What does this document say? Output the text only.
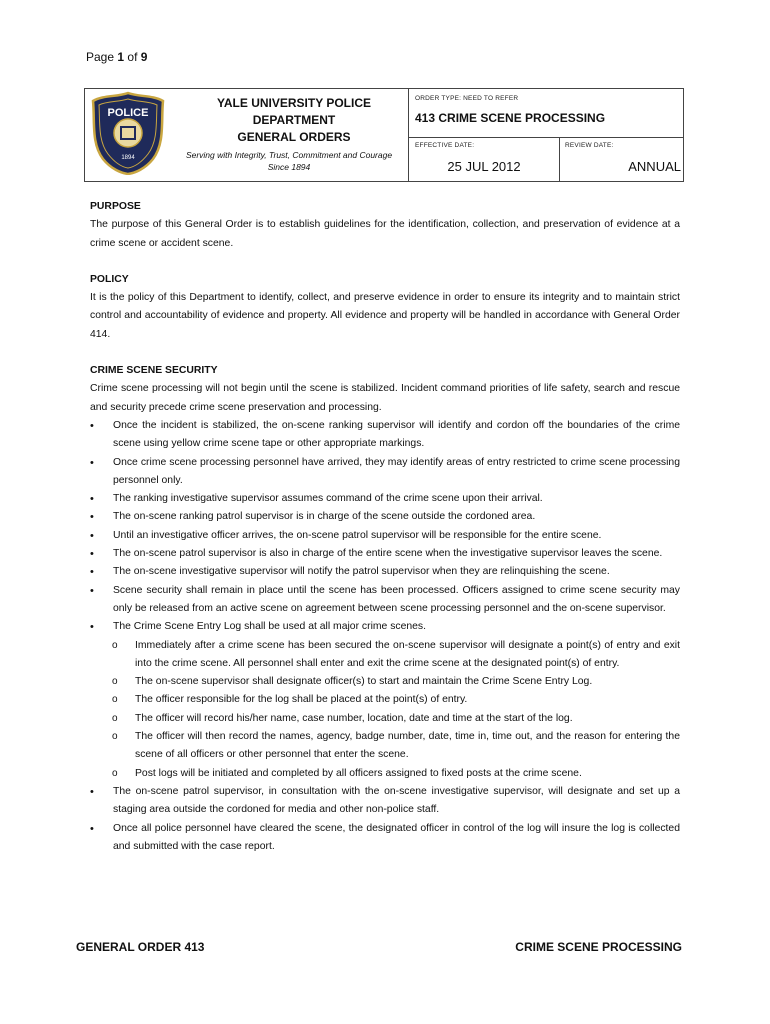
Page 1 of 9
POLICE
1894
YALE UNIVERSITY POLICE
DEPARTMENT
GENERAL ORDERS
Serving with Integrity, Trust, Commitment and Courage
Since 1894
ORDER TYPE: NEED TO REFER
413 CRIME SCENE PROCESSING
EFFECTIVE DATE:	REVIEW DATE:
25 JUL 2012	ANNUAL
PURPOSE
The purpose of this General Order is to establish guidelines for the identification, collection, and preservation of evidence at a crime scene or accident scene.
POLICY
It is the policy of this Department to identify, collect, and preserve evidence in order to ensure its integrity and to maintain strict control and accountability of evidence and property. All evidence and property will be handled in accordance with General Order 414.
CRIME SCENE SECURITY
Crime scene processing will not begin until the scene is stabilized. Incident command priorities of life safety, search and rescue and security precede crime scene preservation and processing.
• Once the incident is stabilized, the on-scene ranking supervisor will identify and cordon off the boundaries of the crime scene using yellow crime scene tape or other appropriate markings.
• Once crime scene processing personnel have arrived, they may identify areas of entry restricted to crime scene processing personnel only.
• The ranking investigative supervisor assumes command of the crime scene upon their arrival.
• The on-scene ranking patrol supervisor is in charge of the scene outside the cordoned area.
• Until an investigative officer arrives, the on-scene patrol supervisor will be responsible for the entire scene.
• The on-scene patrol supervisor is also in charge of the entire scene when the investigative supervisor leaves the scene.
• The on-scene investigative supervisor will notify the patrol supervisor when they are relinquishing the scene.
• Scene security shall remain in place until the scene has been processed. Officers assigned to crime scene security may only be released from an active scene on agreement between scene processing personnel and the on-scene supervisor.
• The Crime Scene Entry Log shall be used at all major crime scenes.
o Immediately after a crime scene has been secured the on-scene supervisor will designate a point(s) of entry and exit into the crime scene. All personnel shall enter and exit the crime scene at the designated point(s) of entry.
o The on-scene supervisor shall designate officer(s) to start and maintain the Crime Scene Entry Log.
o The officer responsible for the log shall be placed at the point(s) of entry.
o The officer will record his/her name, case number, location, date and time at the start of the log.
o The officer will then record the names, agency, badge number, date, time in, time out, and the reason for entering the scene of all officers or other personnel that enter the scene.
o Post logs will be initiated and completed by all officers assigned to fixed posts at the crime scene.
• The on-scene patrol supervisor, in consultation with the on-scene investigative supervisor, will designate and set up a staging area outside the cordoned for media and other non-police staff.
• Once all police personnel have cleared the scene, the designated officer in control of the log will insure the log is collected and submitted with the case report.
GENERAL ORDER 413	CRIME SCENE PROCESSING
